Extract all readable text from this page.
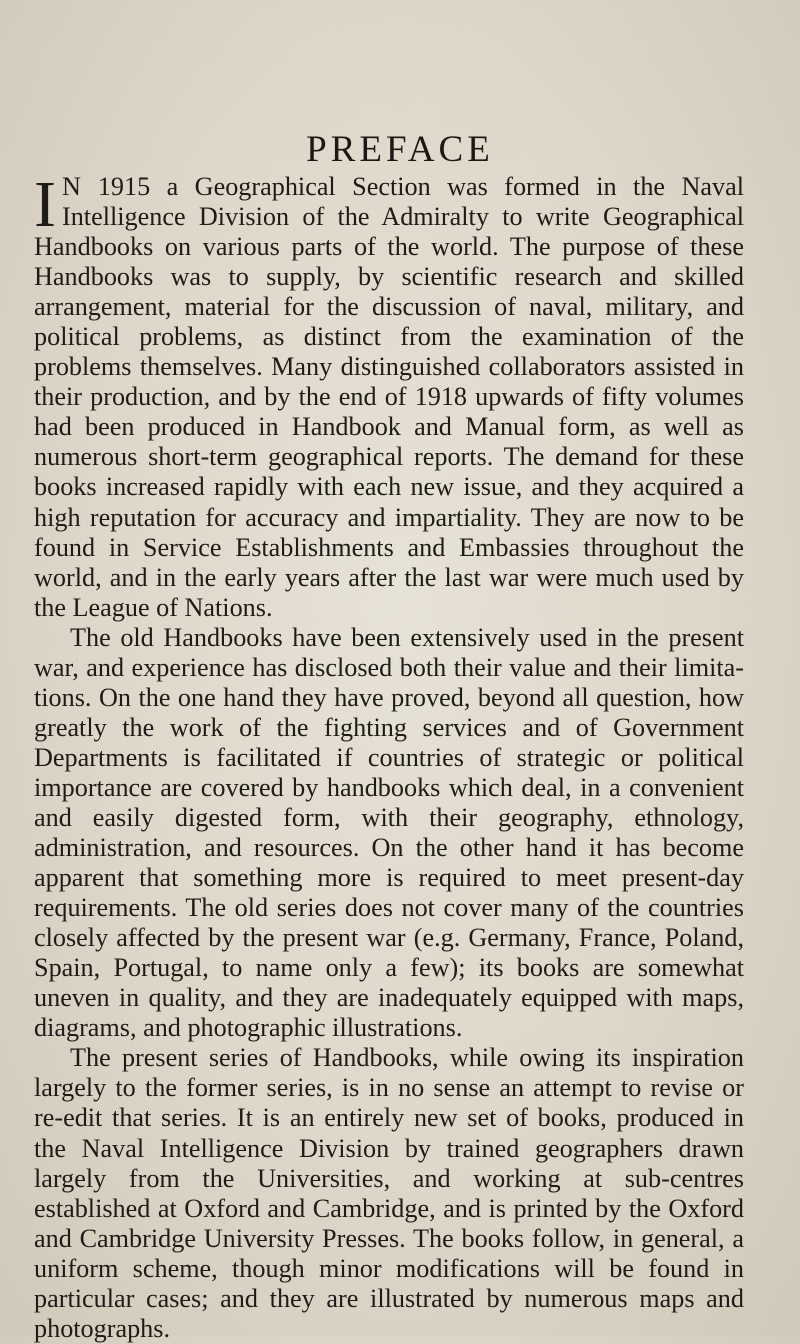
PREFACE

I N 1915 a Geographical Section was formed in the Naval Intelligence Division of the Admiralty to write Geographical Handbooks on various parts of the world. The purpose of these Handbooks was to supply, by scientific research and skilled arrangement, material for the discussion of naval, military, and political problems, as distinct from the examination of the problems themselves. Many distinguished collaborators assisted in their production, and by the end of 1918 upwards of fifty volumes had been produced in Handbook and Manual form, as well as numerous short-term geographical reports. The demand for these books increased rapidly with each new issue, and they acquired a high reputation for accuracy and impartiality. They are now to be found in Service Establishments and Embassies throughout the world, and in the early years after the last war were much used by the League of Nations.

The old Handbooks have been extensively used in the present war, and experience has disclosed both their value and their limitations. On the one hand they have proved, beyond all question, how greatly the work of the fighting services and of Government Departments is facilitated if countries of strategic or political importance are covered by handbooks which deal, in a convenient and easily digested form, with their geography, ethnology, administration, and resources. On the other hand it has become apparent that something more is required to meet present-day requirements. The old series does not cover many of the countries closely affected by the present war (e.g. Germany, France, Poland, Spain, Portugal, to name only a few); its books are somewhat uneven in quality, and they are inadequately equipped with maps, diagrams, and photographic illustrations.

The present series of Handbooks, while owing its inspiration largely to the former series, is in no sense an attempt to revise or re-edit that series. It is an entirely new set of books, produced in the Naval Intelligence Division by trained geographers drawn largely from the Universities, and working at sub-centres established at Oxford and Cambridge, and is printed by the Oxford and Cambridge University Presses. The books follow, in general, a uniform scheme, though minor modifications will be found in particular cases; and they are illustrated by numerous maps and photographs.
